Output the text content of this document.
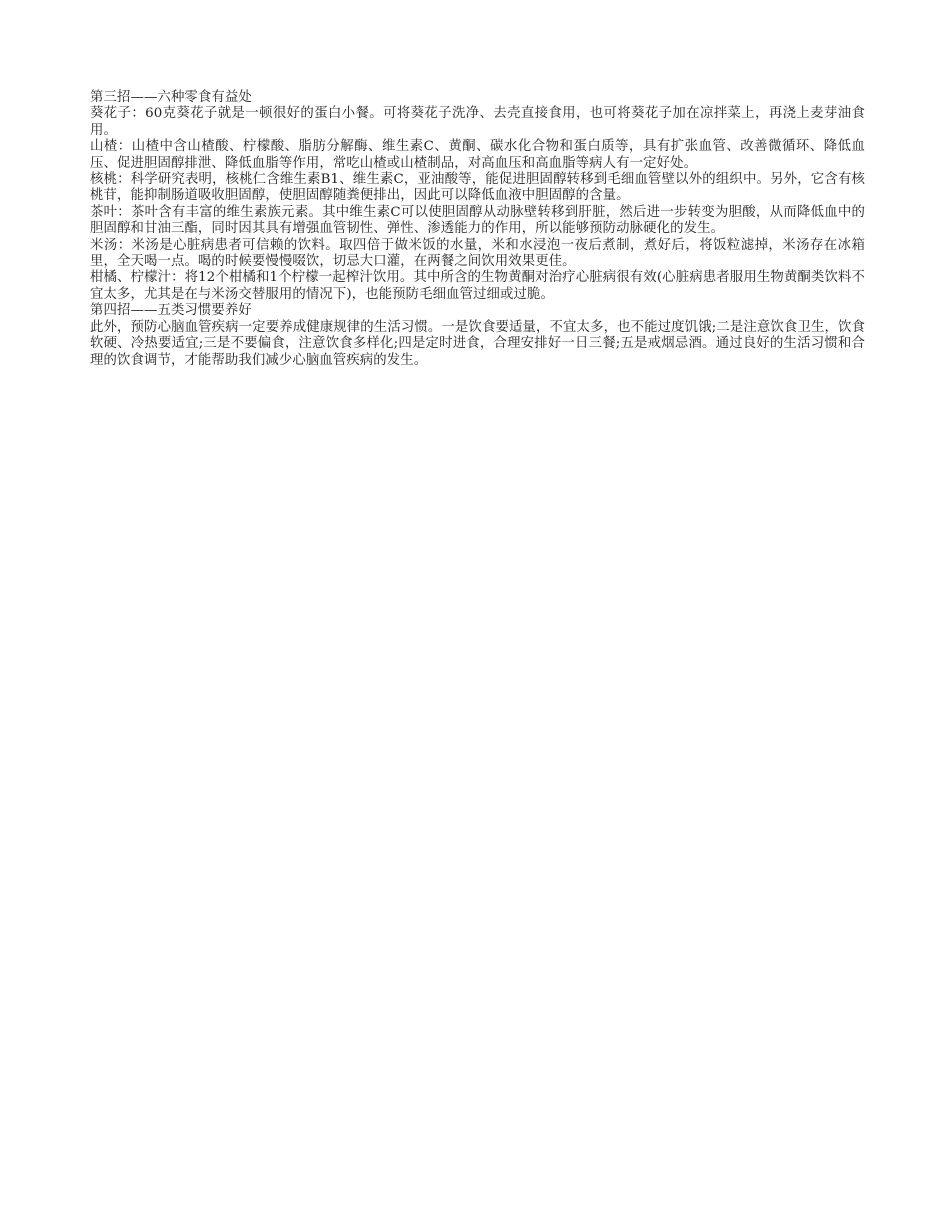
第三招——六种零食有益处

葵花子：60克葵花子就是一顿很好的蛋白小餐。可将葵花子洗净、去壳直接食用，也可将葵花子加在凉拌菜上，再浇上麦芽油食用。

山楂：山楂中含山楂酸、柠檬酸、脂肪分解酶、维生素C、黄酮、碳水化合物和蛋白质等，具有扩张血管、改善微循环、降低血压、促进胆固醇排泄、降低血脂等作用，常吃山楂或山楂制品，对高血压和高血脂等病人有一定好处。

核桃：科学研究表明，核桃仁含维生素B1、维生素C，亚油酸等，能促进胆固醇转移到毛细血管壁以外的组织中。另外，它含有核桃苷，能抑制肠道吸收胆固醇，使胆固醇随粪便排出，因此可以降低血液中胆固醇的含量。

茶叶：茶叶含有丰富的维生素族元素。其中维生素C可以使胆固醇从动脉壁转移到肝脏，然后进一步转变为胆酸，从而降低血中的胆固醇和甘油三酯，同时因其具有增强血管韧性、弹性、渗透能力的作用，所以能够预防动脉硬化的发生。

米汤：米汤是心脏病患者可信赖的饮料。取四倍于做米饭的水量，米和水浸泡一夜后煮制，煮好后，将饭粒滤掉，米汤存在冰箱里，全天喝一点。喝的时候要慢慢啜饮，切忌大口灌，在两餐之间饮用效果更佳。

柑橘、柠檬汁：将12个柑橘和1个柠檬一起榨汁饮用。其中所含的生物黄酮对治疗心脏病很有效(心脏病患者服用生物黄酮类饮料不宜太多，尤其是在与米汤交替服用的情况下)，也能预防毛细血管过细或过脆。

第四招——五类习惯要养好

此外，预防心脑血管疾病一定要养成健康规律的生活习惯。一是饮食要适量，不宜太多，也不能过度饥饿;二是注意饮食卫生，饮食软硬、冷热要适宜;三是不要偏食，注意饮食多样化;四是定时进食，合理安排好一日三餐;五是戒烟忌酒。通过良好的生活习惯和合理的饮食调节，才能帮助我们减少心脑血管疾病的发生。
